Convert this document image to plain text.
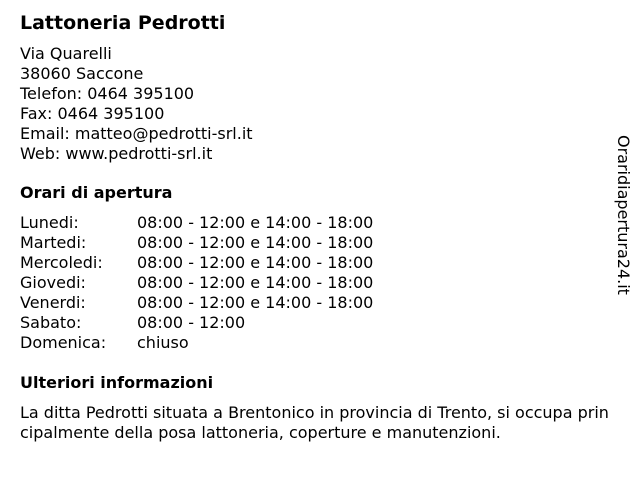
Lattoneria Pedrotti
Via Quarelli
38060 Saccone
Telefon: 0464 395100
Fax: 0464 395100
Email: matteo@pedrotti-srl.it
Web: www.pedrotti-srl.it
Orari di apertura
Lunedi:	08:00 - 12:00 e 14:00 - 18:00
Martedi:	08:00 - 12:00 e 14:00 - 18:00
Mercoledi:	08:00 - 12:00 e 14:00 - 18:00
Giovedi:	08:00 - 12:00 e 14:00 - 18:00
Venerdi:	08:00 - 12:00 e 14:00 - 18:00
Sabato:	08:00 - 12:00
Domenica:	chiuso
Ulteriori informazioni
La ditta Pedrotti situata a Brentonico in provincia di Trento, si occupa principalmente della posa lattoneria, coperture e manutenzioni.
Oraridiapertura24.it
